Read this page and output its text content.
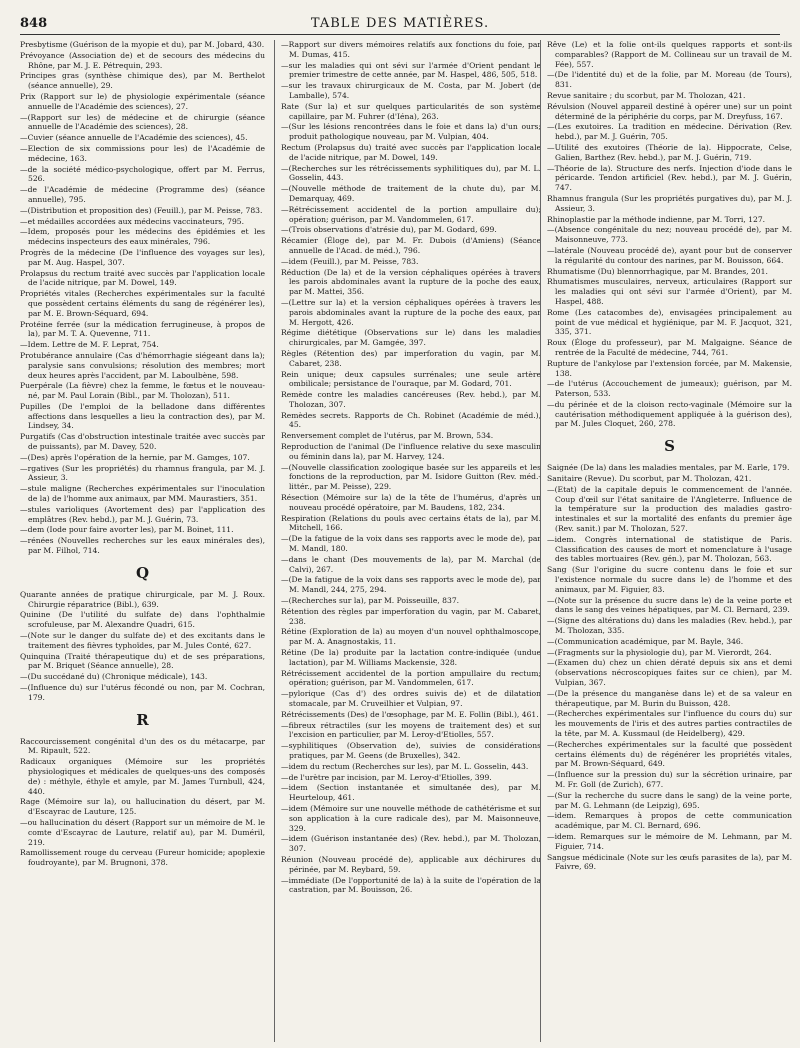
848	TABLE DES MATIÈRES.

Presbytisme (Guérison de la myopie et du), par M. Jobard, 430.

Prévoyance (Association de) et de secours des médecins du Rhône, par M. J. E. Pétrequin, 293.

Principes gras (synthèse chimique des), par M. Berthelot (séance annuelle), 29.

Prix (Rapport sur le) de physiologie expérimentale (séance annuelle de l'Académie des sciences), 27.

—(Rapport sur les) de médecine et de chirurgie (séance annuelle de l'Académie des sciences), 28.

—Cuvier (séance annuelle de l'Académie des sciences), 45.

—Election de six commissions pour les) de l'Académie de médecine, 163.

—de la société médico-psychologique, offert par M. Ferrus, 526.

—de l'Académie de médecine (Programme des) (séance annuelle), 795.

—(Distribution et proposition des) (Feuill.), par M. Peisse, 783.

—et médailles accordées aux médecins vaccinateurs, 795.

—Idem, proposés pour les médecins des épidémies et les médecins inspecteurs des eaux minérales, 796.

Progrès de la médecine (De l'influence des voyages sur les), par M. Aug. Haspel, 307.

Prolapsus du rectum traité avec succès par l'application locale de l'acide nitrique, par M. Dowel, 149.

Propriétés vitales (Recherches expérimentales sur la faculté que possèdent certains éléments du sang de régénérer les), par M. E. Brown-Séquard, 694.

Protéine ferrée (sur la médication ferrugineuse, à propos de la), par M. T. A. Quevenne, 711.

—Idem. Lettre de M. F. Leprat, 754.

Protubérance annulaire (Cas d'hémorrhagie siégeant dans la); paralysie sans convulsions; résolution des membres; mort deux heures après l'accident, par M. Laboulbène, 598.

Puerpérale (La fièvre) chez la femme, le fœtus et le nouveau-né, par M. Paul Lorain (Bibl., par M. Tholozan), 511.

Pupilles (De l'emploi de la belladone dans différentes affections dans lesquelles a lieu la contraction des), par M. Lindsey, 34.

Purgatifs (Cas d'obstruction intestinale traitée avec succès par de puissants), par M. Davey, 520.

—(Des) après l'opération de la hernie, par M. Gamges, 107.

—rgatives (Sur les propriétés) du rhamnus frangula, par M. J. Assieur, 3.

—stule maligne (Recherches expérimentales sur l'inoculation de la) de l'homme aux animaux, par MM. Maurastiers, 351.

—stules varioliques (Avortement des) par l'application des emplâtres (Rev. hebd.), par M. J. Guérin, 73.

—dem (Iode pour faire avorter les), par M. Boinet, 111.

—rénées (Nouvelles recherches sur les eaux minérales des), par M. Filhol, 714.

Q

Quarante années de pratique chirurgicale, par M. J. Roux. Chirurgie réparatrice (Bibl.), 639.

Quinine (De l'utilité du sulfate de) dans l'ophthalmie scrofuleuse, par M. Alexandre Quadri, 615.

—(Note sur le danger du sulfate de) et des excitants dans le traitement des fièvres typhoïdes, par M. Jules Conté, 627.

Quinquina (Traité thérapeutique du) et de ses préparations, par M. Briquet (Séance annuelle), 28.

—(Du succédané du) (Chronique médicale), 143.

—(Influence du) sur l'utérus fécondé ou non, par M. Cochran, 179.

R

Raccourcissement congénital d'un des os du métacarpe, par M. Ripault, 522.

Radicaux organiques (Mémoire sur les propriétés physiologiques et médicales de quelques-uns des composés de) : méthyle, éthyle et amyle, par M. James Turnbull, 424, 440.

Rage (Mémoire sur la), ou hallucination du désert, par M. d'Escayrac de Lauture, 125.

—ou hallucination du désert (Rapport sur un mémoire de M. le comte d'Escayrac de Lauture, relatif au), par M. Duméril, 219.

Ramollissement rouge du cerveau (Fureur homicide; apoplexie foudroyante), par M. Brugnoni, 378.

—Rapport sur divers mémoires relatifs aux fonctions du foie, par M. Dumas, 415.

—sur les maladies qui ont sévi sur l'armée d'Orient pendant le premier trimestre de cette année, par M. Haspel, 486, 505, 518.

—sur les travaux chirurgicaux de M. Costa, par M. Jobert (de Lamballe), 574.

Rate (Sur la) et sur quelques particularités de son système capillaire, par M. Fuhrer (d'Iéna), 263.

—(Sur les lésions rencontrées dans le foie et dans la) d'un ours; produit pathologique nouveau, par M. Vulpian, 404.

Rectum (Prolapsus du) traité avec succès par l'application locale de l'acide nitrique, par M. Dowel, 149.

—(Recherches sur les rétrécissements syphilitiques du), par M. L. Gosselin, 443.

—(Nouvelle méthode de traitement de la chute du), par M. Demarquay, 469.

—Rétrécissement accidentel de la portion ampullaire du); opération; guérison, par M. Vandommelen, 617.

—(Trois observations d'atrésie du), par M. Godard, 699.

Récamier (Éloge de), par M. Fr. Dubois (d'Amiens) (Séance annuelle de l'Acad. de méd.), 796.

—idem (Feuill.), par M. Peisse, 783.

Réduction (De la) et de la version céphaliques opérées à travers les parois abdominales avant la rupture de la poche des eaux, par M. Mattei, 356.

—(Lettre sur la) et la version céphaliques opérées à travers les parois abdominales avant la rupture de la poche des eaux, par M. Hergott, 426.

Régime diététique (Observations sur le) dans les maladies chirurgicales, par M. Gamgée, 397.

Règles (Rétention des) par imperforation du vagin, par M. Cabaret, 238.

Rein unique; deux capsules surrénales; une seule artère ombilicale; persistance de l'ouraque, par M. Godard, 701.

Remède contre les maladies cancéreuses (Rev. hebd.), par M. Tholozan, 307.

Remèdes secrets. Rapports de Ch. Robinet (Académie de méd.), 45.

Renversement complet de l'utérus, par M. Brown, 534.

Reproduction de l'animal (De l'influence relative du sexe masculin ou féminin dans la), par M. Harvey, 124.

—(Nouvelle classification zoologique basée sur les appareils et les fonctions de la reproduction, par M. Isidore Guitton (Rev. méd.-littér., par M. Peisse), 229.

Résection (Mémoire sur la) de la tête de l'humérus, d'après un nouveau procédé opératoire, par M. Baudens, 182, 234.

Respiration (Relations du pouls avec certains états de la), par M. Mitchell, 166.

—(De la fatigue de la voix dans ses rapports avec le mode de), par M. Mandl, 180.

—dans le chant (Des mouvements de la), par M. Marchal (de Calvi), 267.

—(De la fatigue de la voix dans ses rapports avec le mode de), par M. Mandl, 244, 275, 294.

—(Recherches sur la), par M. Poisseuille, 837.

Rétention des règles par imperforation du vagin, par M. Cabaret, 238.

Rétine (Exploration de la) au moyen d'un nouvel ophthalmoscope, par M. A. Anagnostakis, 11.

Rétine (De la) produite par la lactation contre-indiquée (undue lactation), par M. Williams Mackensie, 328.

Rétrécissement accidentel de la portion ampullaire du rectum; opération; guérison, par M. Vandommelen, 617.

—pylorique (Cas d') des ordres suivis de) et de dilatation stomacale, par M. Cruveilhier et Vulpian, 97.

Rétrécissements (Des) de l'œsophage, par M. E. Follin (Bibl.), 461.

—fibreux rétractiles (sur les moyens de traitement des) et sur l'excision en particulier, par M. Leroy-d'Etiolles, 557.

—syphilitiques (Observation de), suivies de considérations pratiques, par M. Geens (de Bruxelles), 342.

—idem du rectum (Recherches sur les), par M. L. Gosselin, 443.

—de l'urètre par incision, par M. Leroy-d'Etiolles, 399.

—idem (Section instantanée et simultanée des), par M. Heurteloup, 461.

—idem (Mémoire sur une nouvelle méthode de cathétérisme et sur son application à la cure radicale des), par M. Maisonneuve, 329.

—idem (Guérison instantanée des) (Rev. hebd.), par M. Tholozan, 307.

Réunion (Nouveau procédé de), applicable aux déchirures du périnée, par M. Reybard, 59.

—immédiate (De l'opportunité de la) à la suite de l'opération de la castration, par M. Bouisson, 26.

Rêve (Le) et la folie ont-ils quelques rapports et sont-ils comparables? (Rapport de M. Collineau sur un travail de M. Fée), 557.

—(De l'identité du) et de la folie, par M. Moreau (de Tours), 831.

Revue sanitaire ; du scorbut, par M. Tholozan, 421.

Révulsion (Nouvel appareil destiné à opérer une) sur un point déterminé de la périphérie du corps, par M. Dreyfuss, 167.

—(Les exutoires. La tradition en médecine. Dérivation (Rev. hebd.), par M. J. Guérin, 705.

—Utilité des exutoires (Théorie de la). Hippocrate, Celse, Galien, Barthez (Rev. hebd.), par M. J. Guérin, 719.

—Théorie de la). Structure des nerfs. Injection d'iode dans le péricarde. Tendon artificiel (Rev. hebd.), par M. J. Guérin, 747.

Rhamnus frangula (Sur les propriétés purgatives du), par M. J. Assieur, 3.

Rhinoplastie par la méthode indienne, par M. Torri, 127.

—(Absence congénitale du nez; nouveau procédé de), par M. Maisonneuve, 773.

—latérale (Nouveau procédé de), ayant pour but de conserver la régularité du contour des narines, par M. Bouisson, 664.

Rhumatisme (Du) blennorrhagique, par M. Brandes, 201.

Rhumatismes musculaires, nerveux, articulaires (Rapport sur les maladies qui ont sévi sur l'armée d'Orient), par M. Haspel, 488.

Rome (Les catacombes de), envisagées principalement au point de vue médical et hygiénique, par M. F. Jacquot, 321, 335, 371.

Roux (Éloge du professeur), par M. Malgaigne. Séance de rentrée de la Faculté de médecine, 744, 761.

Rupture de l'ankylose par l'extension forcée, par M. Makensie, 138.

—de l'utérus (Accouchement de jumeaux); guérison, par M. Paterson, 533.

—du périnée et de la cloison recto-vaginale (Mémoire sur la cautérisation méthodiquement appliquée à la guérison des), par M. Jules Cloquet, 260, 278.

S

Saignée (De la) dans les maladies mentales, par M. Earle, 179.

Sanitaire (Revue). Du scorbut, par M. Tholozan, 421.

—(Etat) de la capitale depuis le commencement de l'année. Coup d'œil sur l'état sanitaire de l'Angleterre. Influence de la température sur la production des maladies gastro-intestinales et sur la mortalité des enfants du premier âge (Rev. sanit.) par M. Tholozan, 527.

—idem. Congrès international de statistique de Paris. Classification des causes de mort et nomenclature à l'usage des tables mortuaires (Rev. gén.), par M. Tholozan, 563.

Sang (Sur l'origine du sucre contenu dans le foie et sur l'existence normale du sucre dans le) de l'homme et des animaux, par M. Figuier, 83.

—(Note sur la présence du sucre dans le) de la veine porte et dans le sang des veines hépatiques, par M. Cl. Bernard, 239.

—(Signe des altérations du) dans les maladies (Rev. hebd.), par M. Tholozan, 335.

—(Communication académique, par M. Bayle, 346.

—(Fragments sur la physiologie du), par M. Vierordt, 264.

—(Examen du) chez un chien dératé depuis six ans et demi (observations nécroscopiques faites sur ce chien), par M. Vulpian, 367.

—(De la présence du manganèse dans le) et de sa valeur en thérapeutique, par M. Burin du Buisson, 428.

—(Recherches expérimentales sur l'influence du cours du) sur les mouvements de l'iris et des autres parties contractiles de la tête, par M. A. Kussmaul (de Heidelberg), 429.

—(Recherches expérimentales sur la faculté que possèdent certains éléments du) de régénérer les propriétés vitales, par M. Brown-Séquard, 649.

—(Influence sur la pression du) sur la sécrétion urinaire, par M. Fr. Goll (de Zurich), 677.

—(Sur la recherche du sucre dans le sang) de la veine porte, par M. G. Lehmann (de Leipzig), 695.

—idem. Remarques à propos de cette communication académique, par M. Cl. Bernard, 696.

—idem. Remarques sur le mémoire de M. Lehmann, par M. Figuier, 714.

Sangsue médicinale (Note sur les œufs parasites de la), par M. Faivre, 69.
